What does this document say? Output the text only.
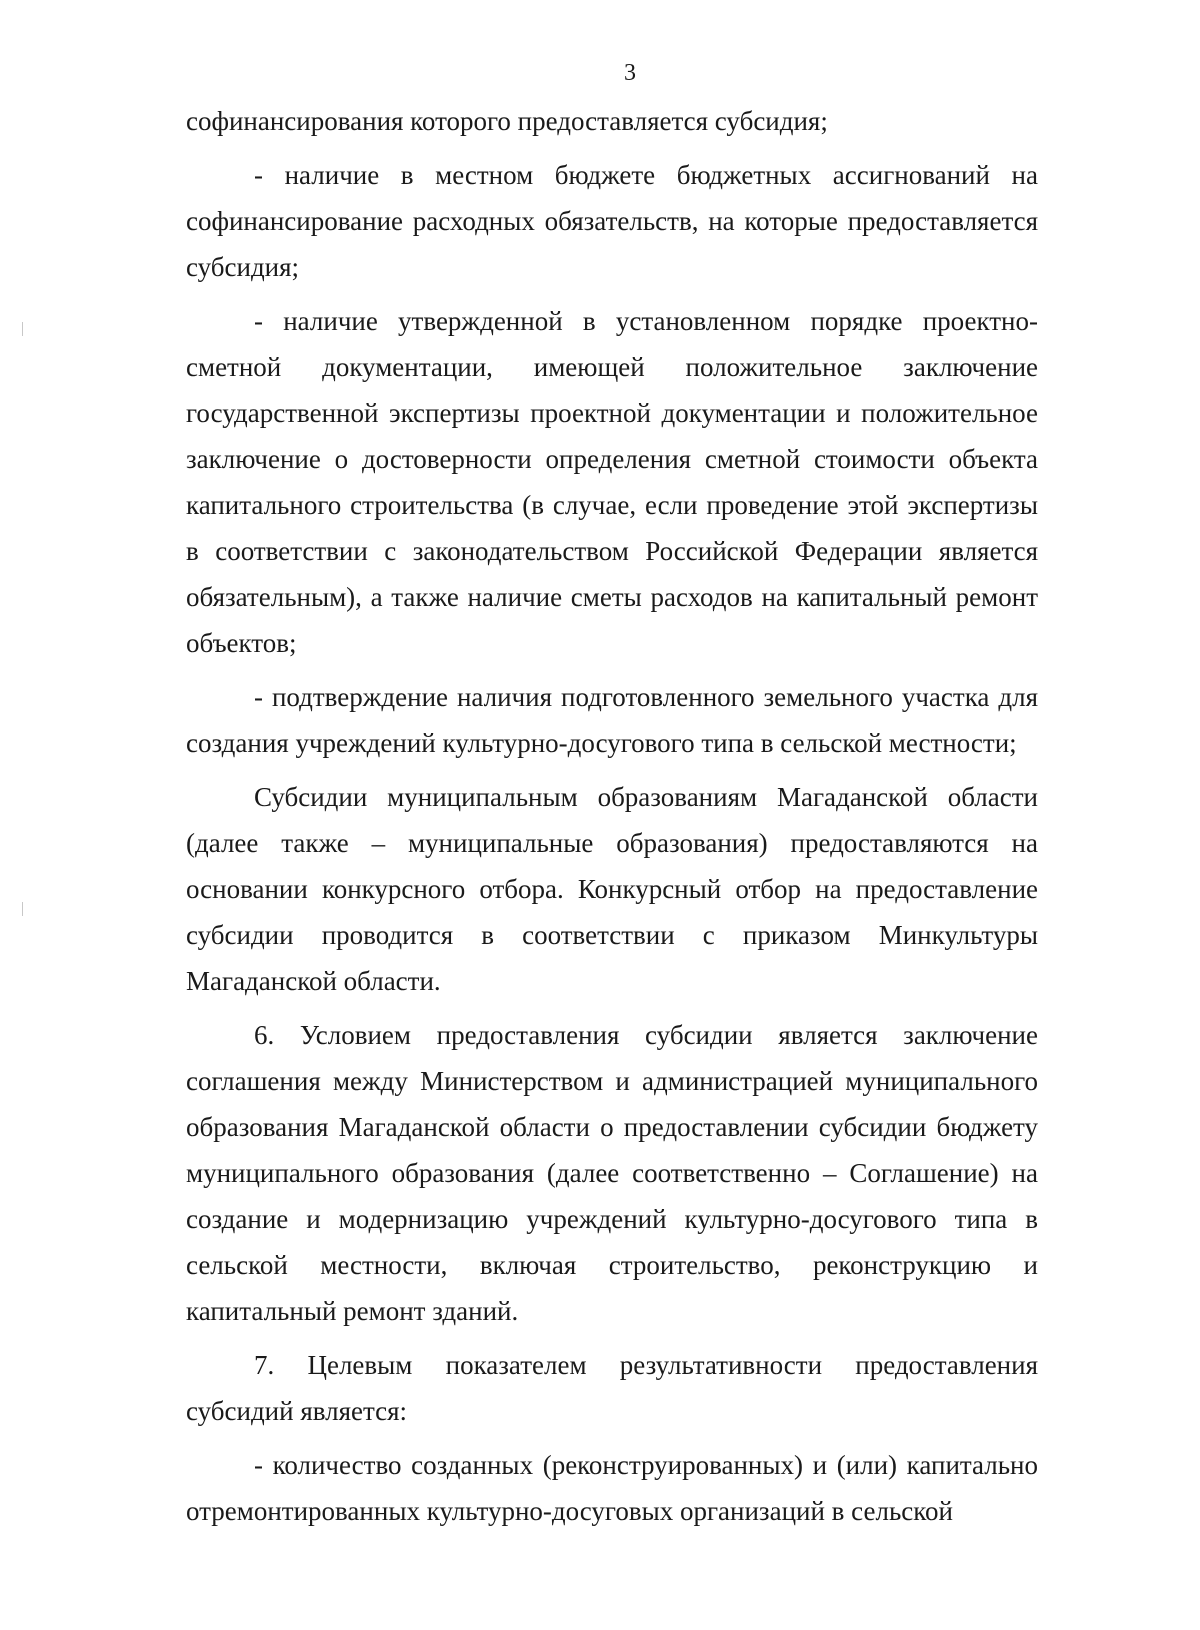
3

софинансирования которого предоставляется субсидия;

- наличие в местном бюджете бюджетных ассигнований на софинансирование расходных обязательств, на которые предоставляется субсидия;

- наличие утвержденной в установленном порядке проектно-сметной документации, имеющей положительное заключение государственной экспертизы проектной документации и положительное заключение о достоверности определения сметной стоимости объекта капитального строительства (в случае, если проведение этой экспертизы в соответствии с законодательством Российской Федерации является обязательным), а также наличие сметы расходов на капитальный ремонт объектов;

- подтверждение наличия подготовленного земельного участка для создания учреждений культурно-досугового типа в сельской местности;

Субсидии муниципальным образованиям Магаданской области (далее также – муниципальные образования) предоставляются на основании конкурсного отбора. Конкурсный отбор на предоставление субсидии проводится в соответствии с приказом Минкультуры Магаданской области.

6. Условием предоставления субсидии является заключение соглашения между Министерством и администрацией муниципального образования Магаданской области о предоставлении субсидии бюджету муниципального образования (далее соответственно – Соглашение) на создание и модернизацию учреждений культурно-досугового типа в сельской местности, включая строительство, реконструкцию и капитальный ремонт зданий.

7. Целевым показателем результативности предоставления субсидий является:

- количество созданных (реконструированных) и (или) капитально отремонтированных культурно-досуговых организаций в сельской
